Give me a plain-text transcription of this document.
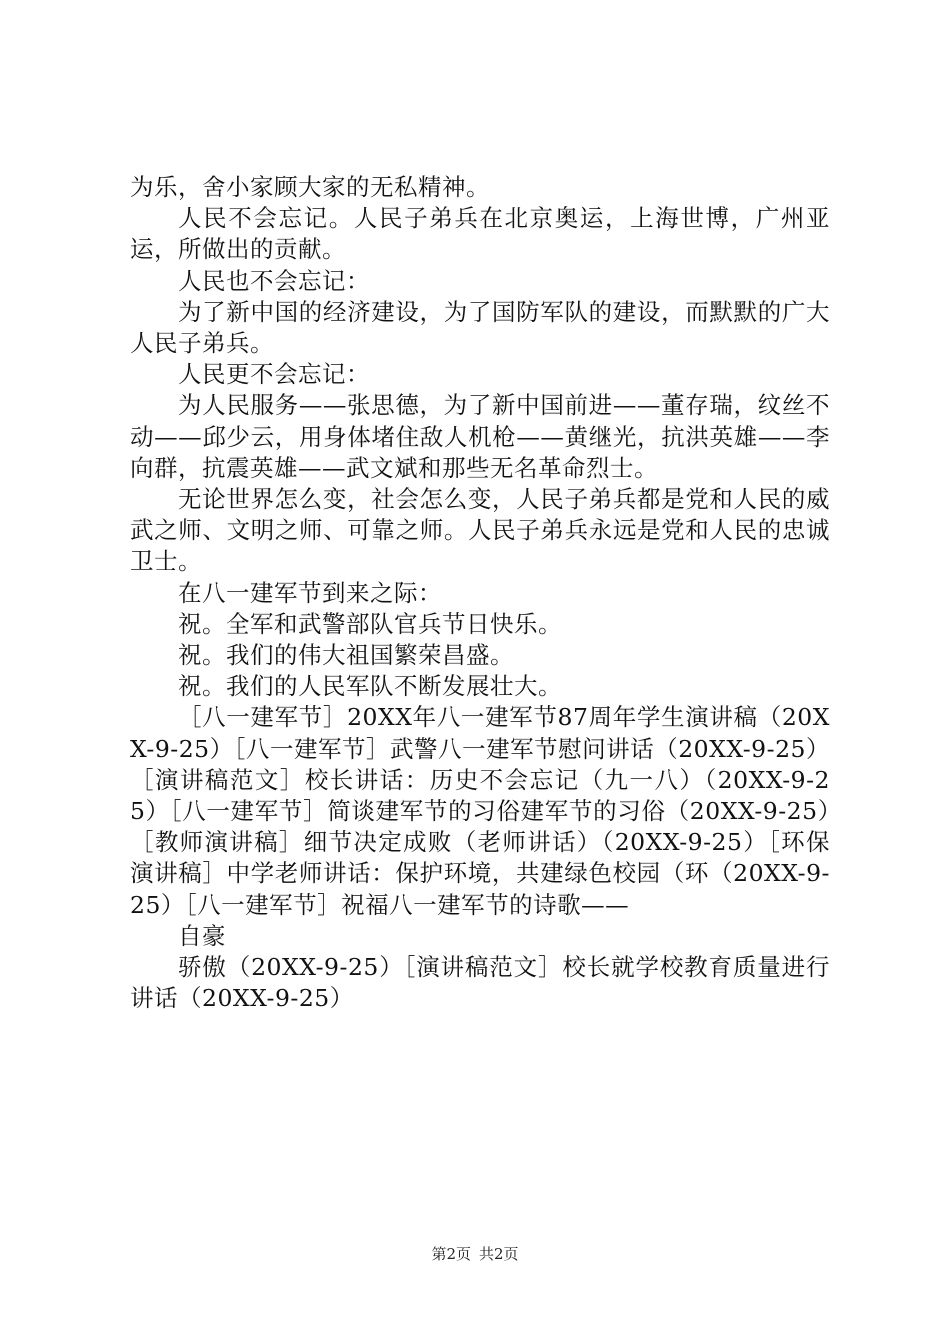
为乐，舍小家顾大家的无私精神。

人民不会忘记。人民子弟兵在北京奥运，上海世博，广州亚运，所做出的贡献。

人民也不会忘记：

为了新中国的经济建设，为了国防军队的建设，而默默的广大人民子弟兵。

人民更不会忘记：

为人民服务——张思德，为了新中国前进——董存瑞，纹丝不动——邱少云，用身体堵住敌人机枪——黄继光，抗洪英雄——李向群，抗震英雄——武文斌和那些无名革命烈士。

无论世界怎么变，社会怎么变，人民子弟兵都是党和人民的威武之师、文明之师、可靠之师。人民子弟兵永远是党和人民的忠诚卫士。

在八一建军节到来之际：

祝。全军和武警部队官兵节日快乐。

祝。我们的伟大祖国繁荣昌盛。

祝。我们的人民军队不断发展壮大。

［八一建军节］20XX年八一建军节87周年学生演讲稿（20XX-9-25）［八一建军节］武警八一建军节慰问讲话（20XX-9-25）［演讲稿范文］校长讲话：历史不会忘记（九一八）（20XX-9-25）［八一建军节］简谈建军节的习俗建军节的习俗（20XX-9-25）［教师演讲稿］细节决定成败（老师讲话）（20XX-9-25）［环保演讲稿］中学老师讲话：保护环境，共建绿色校园（环（20XX-9-25）［八一建军节］祝福八一建军节的诗歌——

自豪

骄傲（20XX-9-25）［演讲稿范文］校长就学校教育质量进行讲话（20XX-9-25）

第2页 共2页
